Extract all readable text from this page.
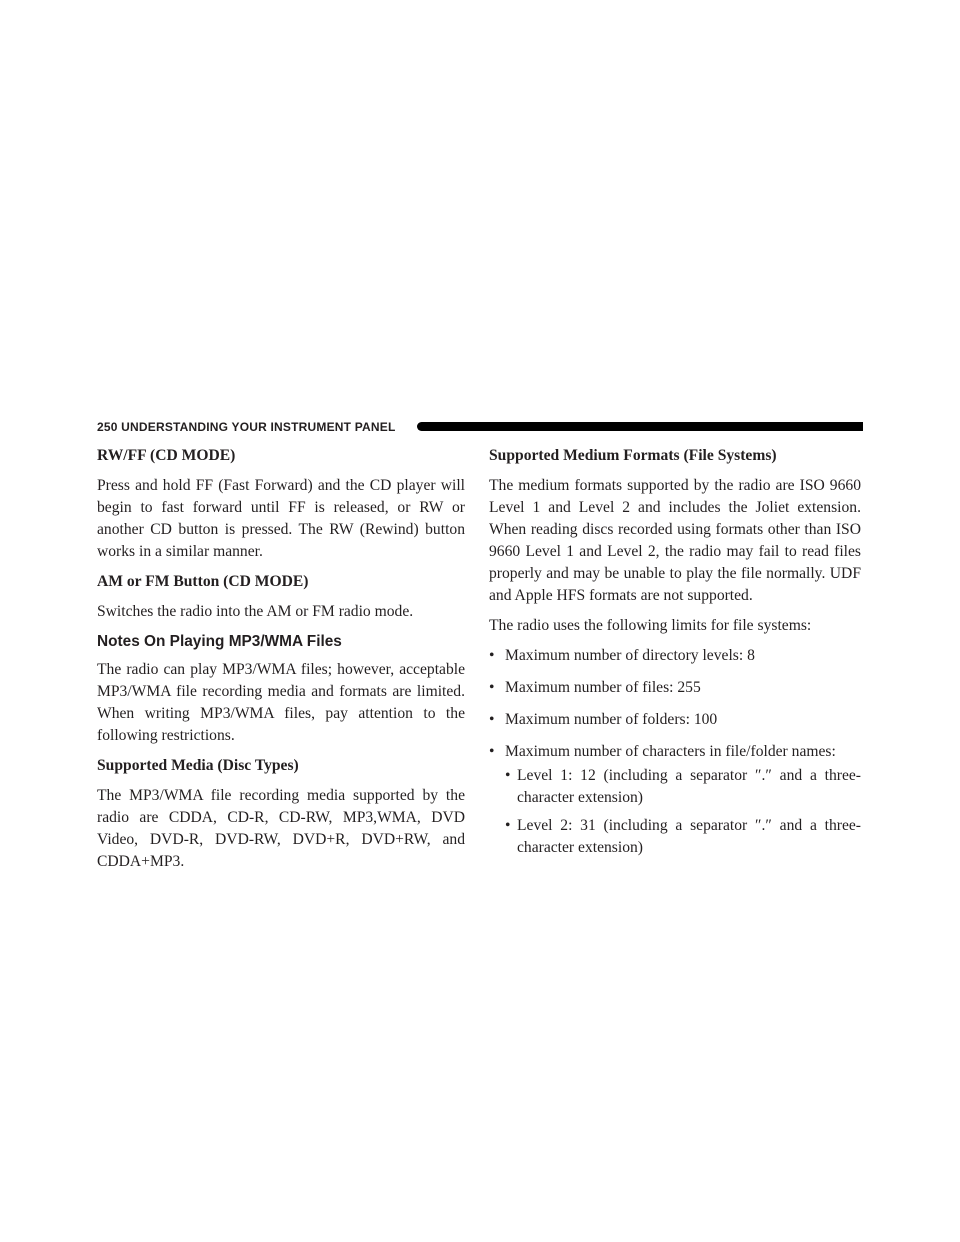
250 UNDERSTANDING YOUR INSTRUMENT PANEL
RW/FF (CD MODE)

Press and hold FF (Fast Forward) and the CD player will begin to fast forward until FF is released, or RW or another CD button is pressed. The RW (Rewind) button works in a similar manner.

AM or FM Button (CD MODE)

Switches the radio into the AM or FM radio mode.

Notes On Playing MP3/WMA Files

The radio can play MP3/WMA files; however, acceptable MP3/WMA file recording media and formats are limited. When writing MP3/WMA files, pay attention to the following restrictions.

Supported Media (Disc Types)

The MP3/WMA file recording media supported by the radio are CDDA, CD-R, CD-RW, MP3,WMA, DVD Video, DVD-R, DVD-RW, DVD+R, DVD+RW, and CDDA+MP3.

Supported Medium Formats (File Systems)

The medium formats supported by the radio are ISO 9660 Level 1 and Level 2 and includes the Joliet extension. When reading discs recorded using formats other than ISO 9660 Level 1 and Level 2, the radio may fail to read files properly and may be unable to play the file normally. UDF and Apple HFS formats are not supported.

The radio uses the following limits for file systems:

• Maximum number of directory levels: 8
• Maximum number of files: 255
• Maximum number of folders: 100
• Maximum number of characters in file/folder names:
• Level 1: 12 (including a separator ″.″ and a three-character extension)
• Level 2: 31 (including a separator ″.″ and a three-character extension)
